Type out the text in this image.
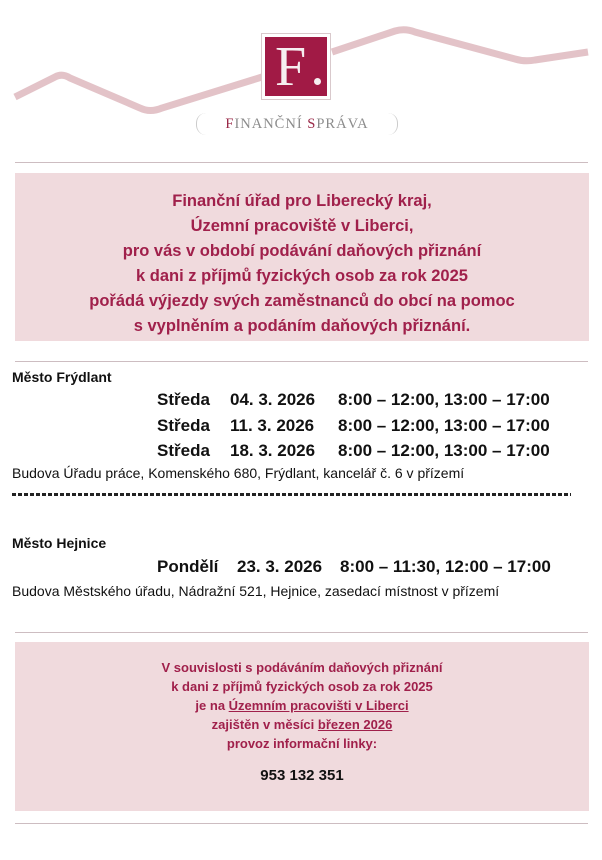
F
FINANČNÍ SPRÁVA

Finanční úřad pro Liberecký kraj,

Územní pracoviště v Liberci,

pro vás v období podávání daňových přiznání

k dani z příjmů fyzických osob za rok 2025

pořádá výjezdy svých zaměstnanců do obcí na pomoc

s vyplněním a podáním daňových přiznání.

Město Frýdlant
Středa 04. 3. 2026 8:00 – 12:00, 13:00 – 17:00
Středa 11. 3. 2026 8:00 – 12:00, 13:00 – 17:00
Středa 18. 3. 2026 8:00 – 12:00, 13:00 – 17:00
Budova Úřadu práce, Komenského 680, Frýdlant, kancelář č. 6 v přízemí
Město Hejnice
Pondělí 23. 3. 2026 8:00 – 11:30, 12:00 – 17:00
Budova Městského úřadu, Nádražní 521, Hejnice, zasedací místnost v přízemí

V souvislosti s podáváním daňových přiznání

k dani z příjmů fyzických osob za rok 2025

je na Územním pracovišti v Liberci

zajištěn v měsíci březen 2026

provoz informační linky:

953 132 351
